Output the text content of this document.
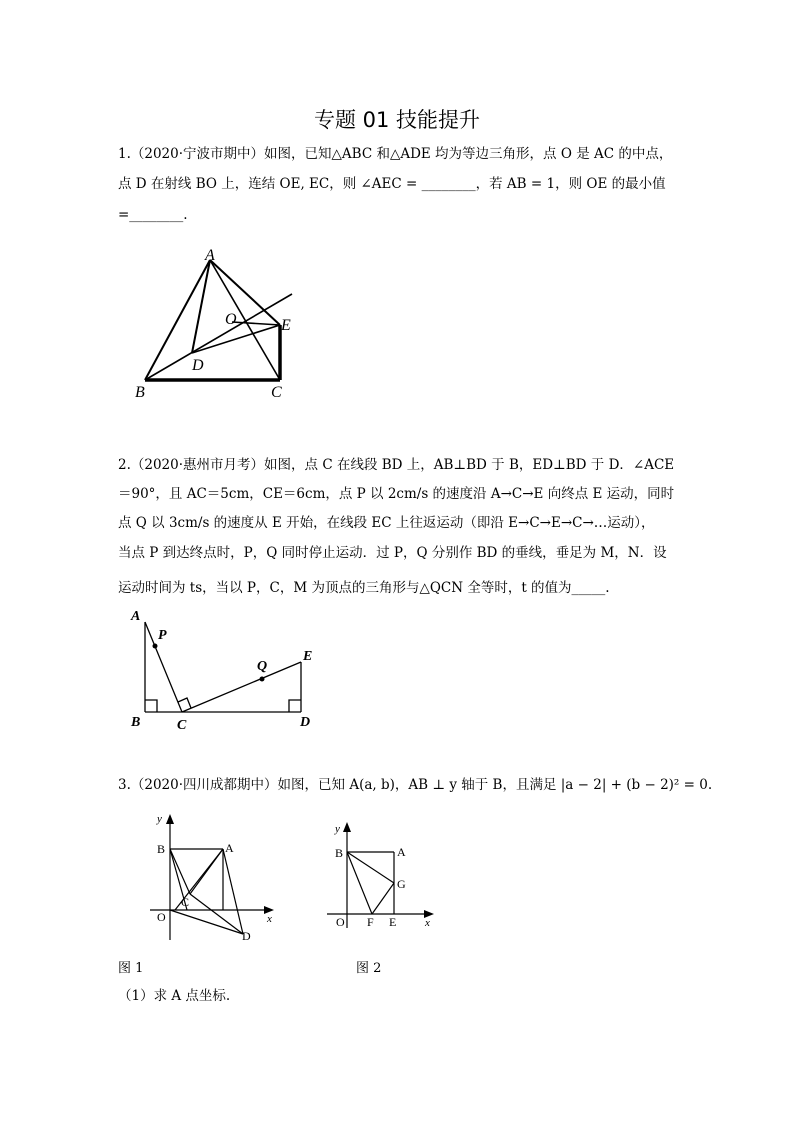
专题 01 技能提升
1.（2020·宁波市期中）如图，已知△ABC 和△ADE 均为等边三角形，点 O 是 AC 的中点，
点 D 在射线 BO 上，连结 OE, EC，则 ∠AEC = ________，若 AB = 1，则 OE 的最小值
=________.
A
B	C
D
E
O
2.（2020·惠州市月考）如图，点 C 在线段 BD 上，AB⊥BD 于 B，ED⊥BD 于 D．∠ACE
＝90°，且 AC＝5cm，CE＝6cm，点 P 以 2cm/s 的速度沿 A→C→E 向终点 E 运动，同时
点 Q 以 3cm/s 的速度从 E 开始，在线段 EC 上往返运动（即沿 E→C→E→C→…运动），
当点 P 到达终点时，P，Q 同时停止运动．过 P，Q 分别作 BD 的垂线，垂足为 M，N．设
运动时间为 ts，当以 P，C，M 为顶点的三角形与△QCN 全等时，t 的值为_____.
A
P
Q
E
B	C	D
3.（2020·四川成都期中）如图，已知 A(a, b)，AB ⊥ y 轴于 B，且满足 |a − 2| + (b − 2)² = 0.
y
x
B	A
O
C
D
图 1
y
x
B	A
G
O F E
图 2
（1）求 A 点坐标.
